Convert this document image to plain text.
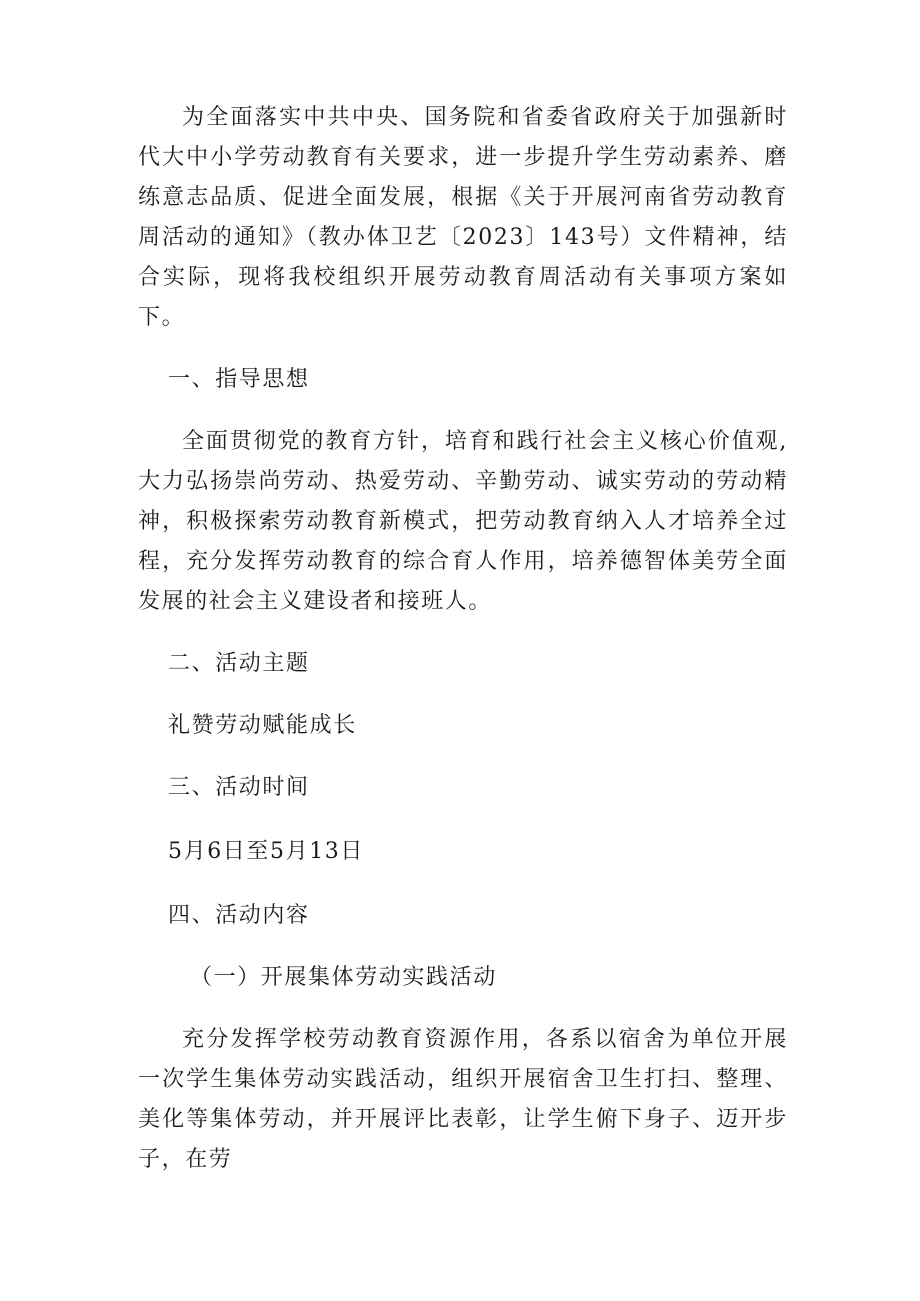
为全面落实中共中央、国务院和省委省政府关于加强新时代大中小学劳动教育有关要求，进一步提升学生劳动素养、磨练意志品质、促进全面发展，根据《关于开展河南省劳动教育周活动的通知》（教办体卫艺〔2023〕143号）文件精神，结合实际，现将我校组织开展劳动教育周活动有关事项方案如下。

一、指导思想

全面贯彻党的教育方针，培育和践行社会主义核心价值观,大力弘扬崇尚劳动、热爱劳动、辛勤劳动、诚实劳动的劳动精神，积极探索劳动教育新模式，把劳动教育纳入人才培养全过程，充分发挥劳动教育的综合育人作用，培养德智体美劳全面发展的社会主义建设者和接班人。

二、活动主题

礼赞劳动赋能成长

三、活动时间

5月6日至5月13日

四、活动内容

（一）开展集体劳动实践活动

充分发挥学校劳动教育资源作用，各系以宿舍为单位开展一次学生集体劳动实践活动，组织开展宿舍卫生打扫、整理、美化等集体劳动，并开展评比表彰，让学生俯下身子、迈开步子，在劳
